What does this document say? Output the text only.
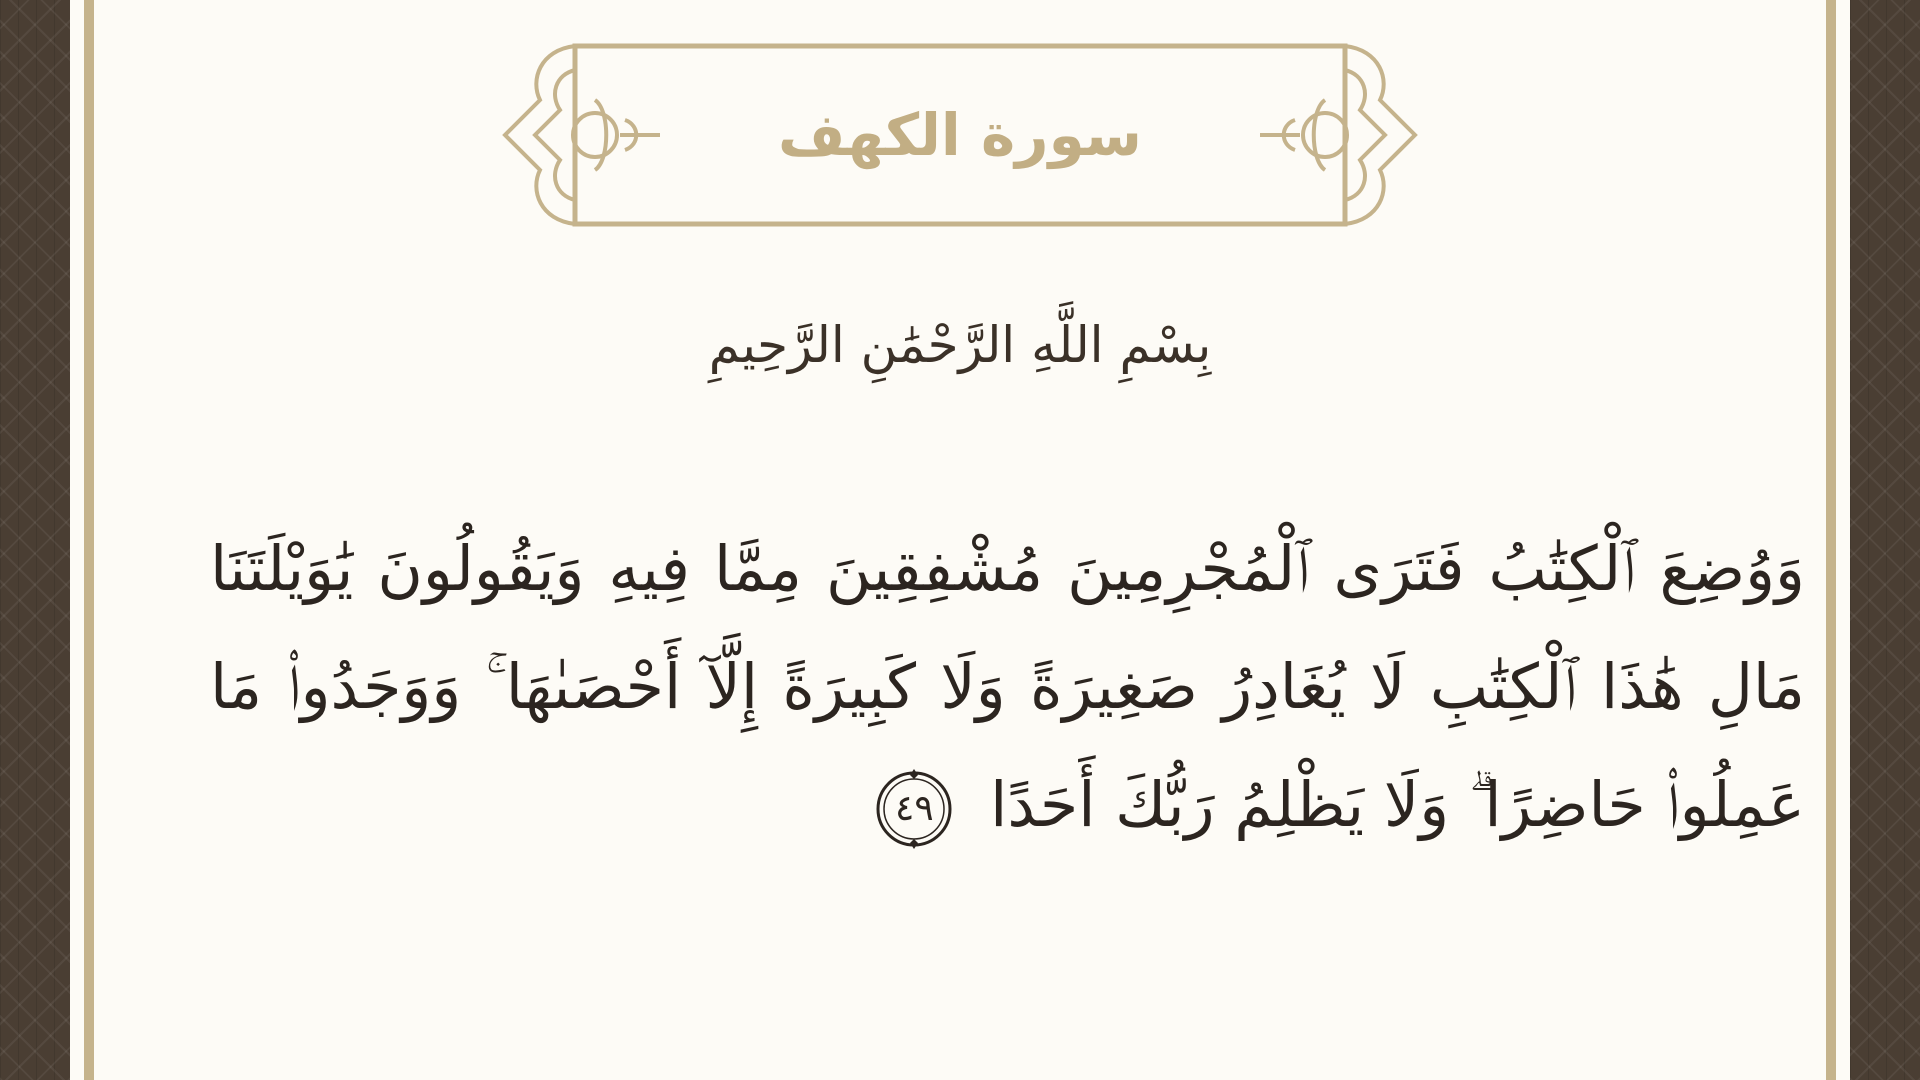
سورة الكهف
بِسْمِ اللَّهِ الرَّحْمَٰنِ الرَّحِيمِ
وَوُضِعَ ٱلْكِتَٰبُ فَتَرَى ٱلْمُجْرِمِينَ مُشْفِقِينَ مِمَّا فِيهِ وَيَقُولُونَ يَٰوَيْلَتَنَا مَالِ هَٰذَا ٱلْكِتَٰبِ لَا يُغَادِرُ صَغِيرَةً وَلَا كَبِيرَةً إِلَّآ أَحْصَىٰهَا ۚ وَوَجَدُوا۟ مَا عَمِلُوا۟ حَاضِرًا ۗ وَلَا يَظْلِمُ رَبُّكَ أَحَدًا
٤٩
